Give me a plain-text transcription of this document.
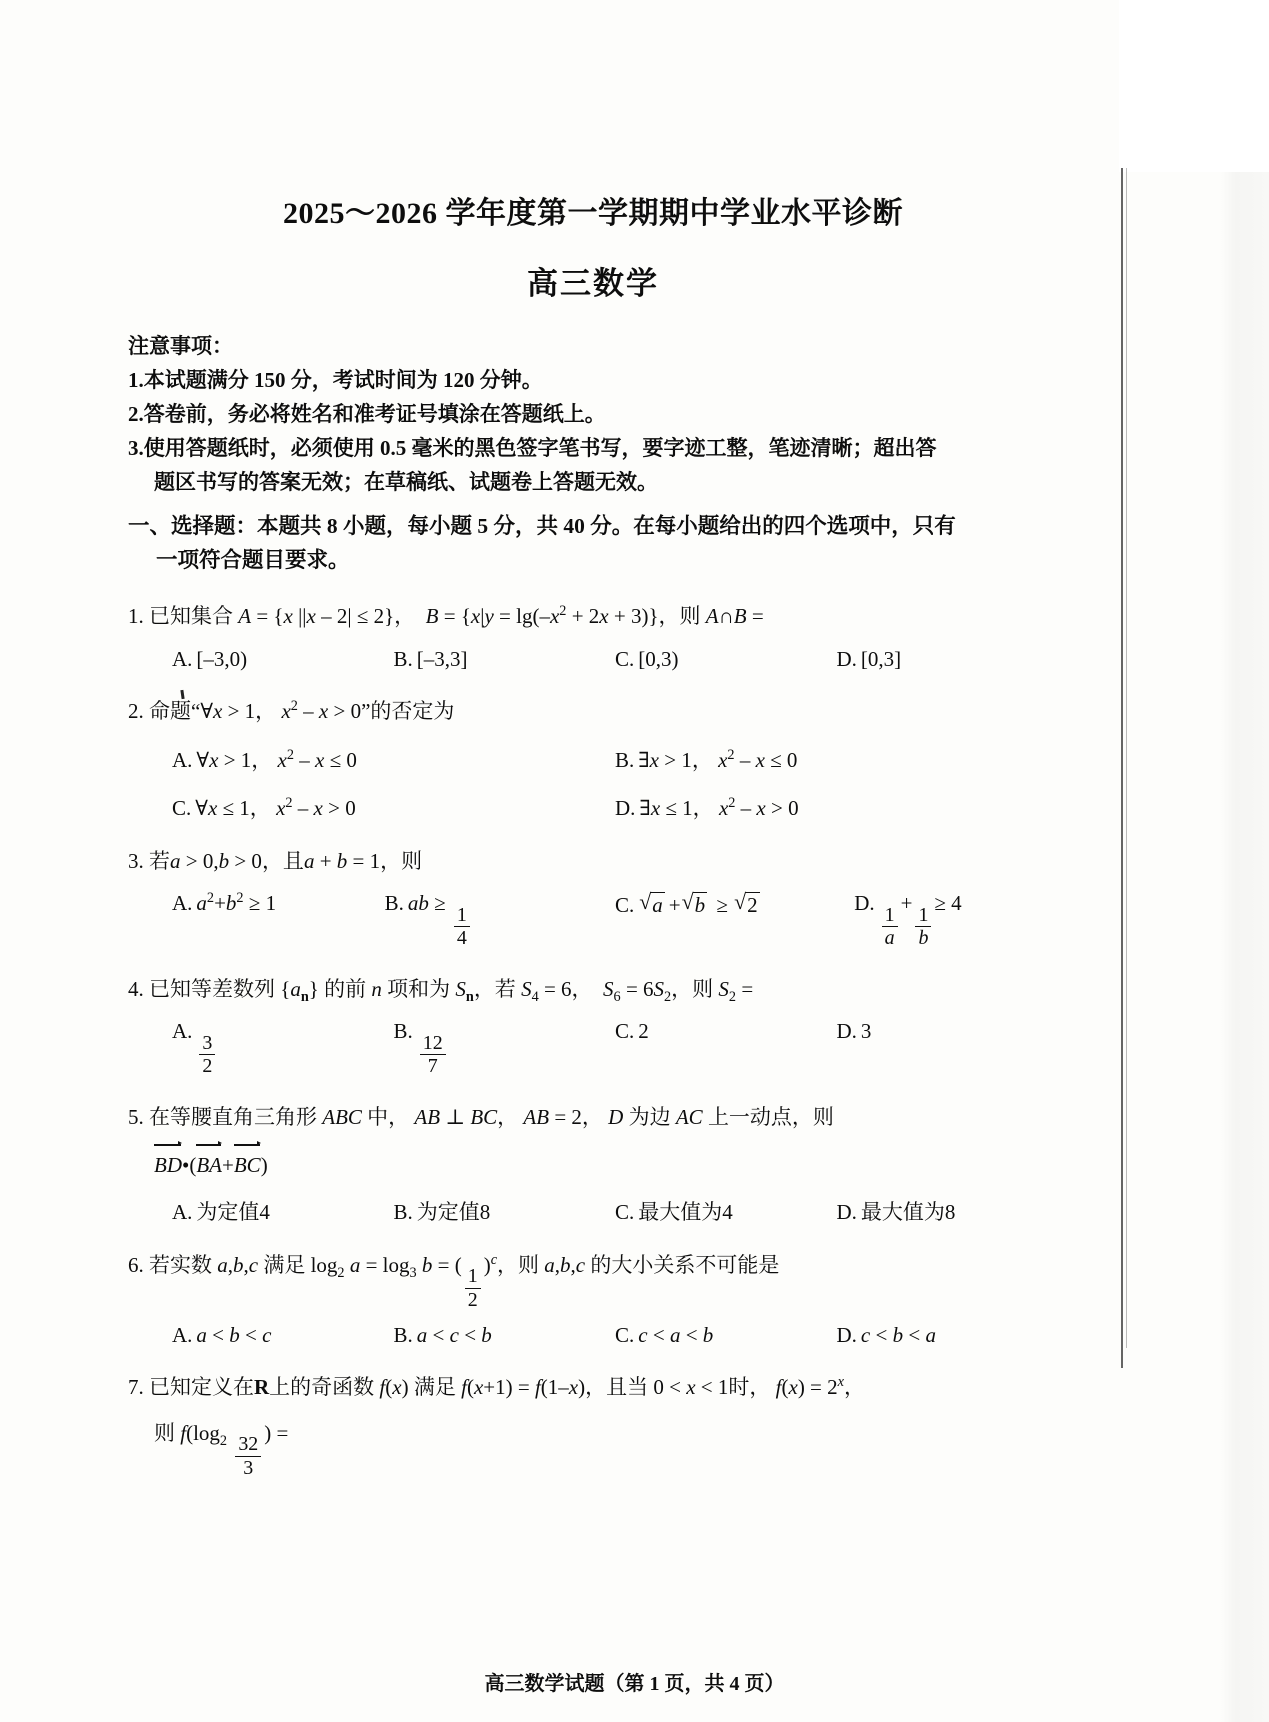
2025～2026 学年度第一学期期中学业水平诊断
高三数学
注意事项：
1.本试题满分 150 分，考试时间为 120 分钟。
2.答卷前，务必将姓名和准考证号填涂在答题纸上。
3.使用答题纸时，必须使用 0.5 毫米的黑色签字笔书写，要字迹工整，笔迹清晰；超出答
题区书写的答案无效；在草稿纸、试题卷上答题无效。
一、选择题：本题共 8 小题，每小题 5 分，共 40 分。在每小题给出的四个选项中，只有
一项符合题目要求。
1. 已知集合 A = {x ||x – 2| ≤ 2}，  $B = \{x|y = \lg(-x^2 + 2x + 3)\}$，则 A∩B =
A. [–3,0)	B. [–3,3]	C. [0,3)	D. [0,3]
2. 命题“∀x > 1， $x^2 - x > 0$”的否定为
A. ∀x > 1， $x^2 - x \le 0$	B. ∃x > 1， $x^2 - x \le 0$
C. ∀x ≤ 1， $x^2 - x > 0$	D. ∃x ≤ 1， $x^2 - x > 0$
3. 若a > 0,b > 0，且a + b = 1，则
A. $a^2+b^2 \ge 1$	B. ab ≥
$\frac{1}{4}$	C. √ a + √ b ≥ √ 2	D.
$\frac{1}{a}$
+
$\frac{1}{b}$
≥ 4
4. 已知等差数列 $\{a_n\}$ 的前 n 项和为 $S_n$，若 $S_4 = 6$，  $S_6 = 6S_2$，则 $S_2$ =
A.
$\frac{3}{2}$
B.
$\frac{12}{7}$
C. 2	D. 3
5. 在等腰直角三角形 ABC 中， AB ⊥ BC， AB = 2， D 为边 AC 上一动点，则
BD•(BA+BC)
A. 为定值4	B. 为定值8	C. 最大值为4	D. 最大值为8
6. 若实数 a,b,c 满足 $\log_2 a = \log_3 b$ = (
$\frac{1}{2}$
)$^c$，则 a,b,c 的大小关系不可能是
A. a < b < c	B. a < c < b	C. c < a < b	D. c < b < a
7. 已知定义在R上的奇函数 f(x) 满足 f(x+1) = f(1–x)，且当 0 < x < 1时， $f(x) = 2^x$，
则 $f(\log_2 \frac{32}{3}$
) =
高三数学试题（第 1 页，共 4 页）
